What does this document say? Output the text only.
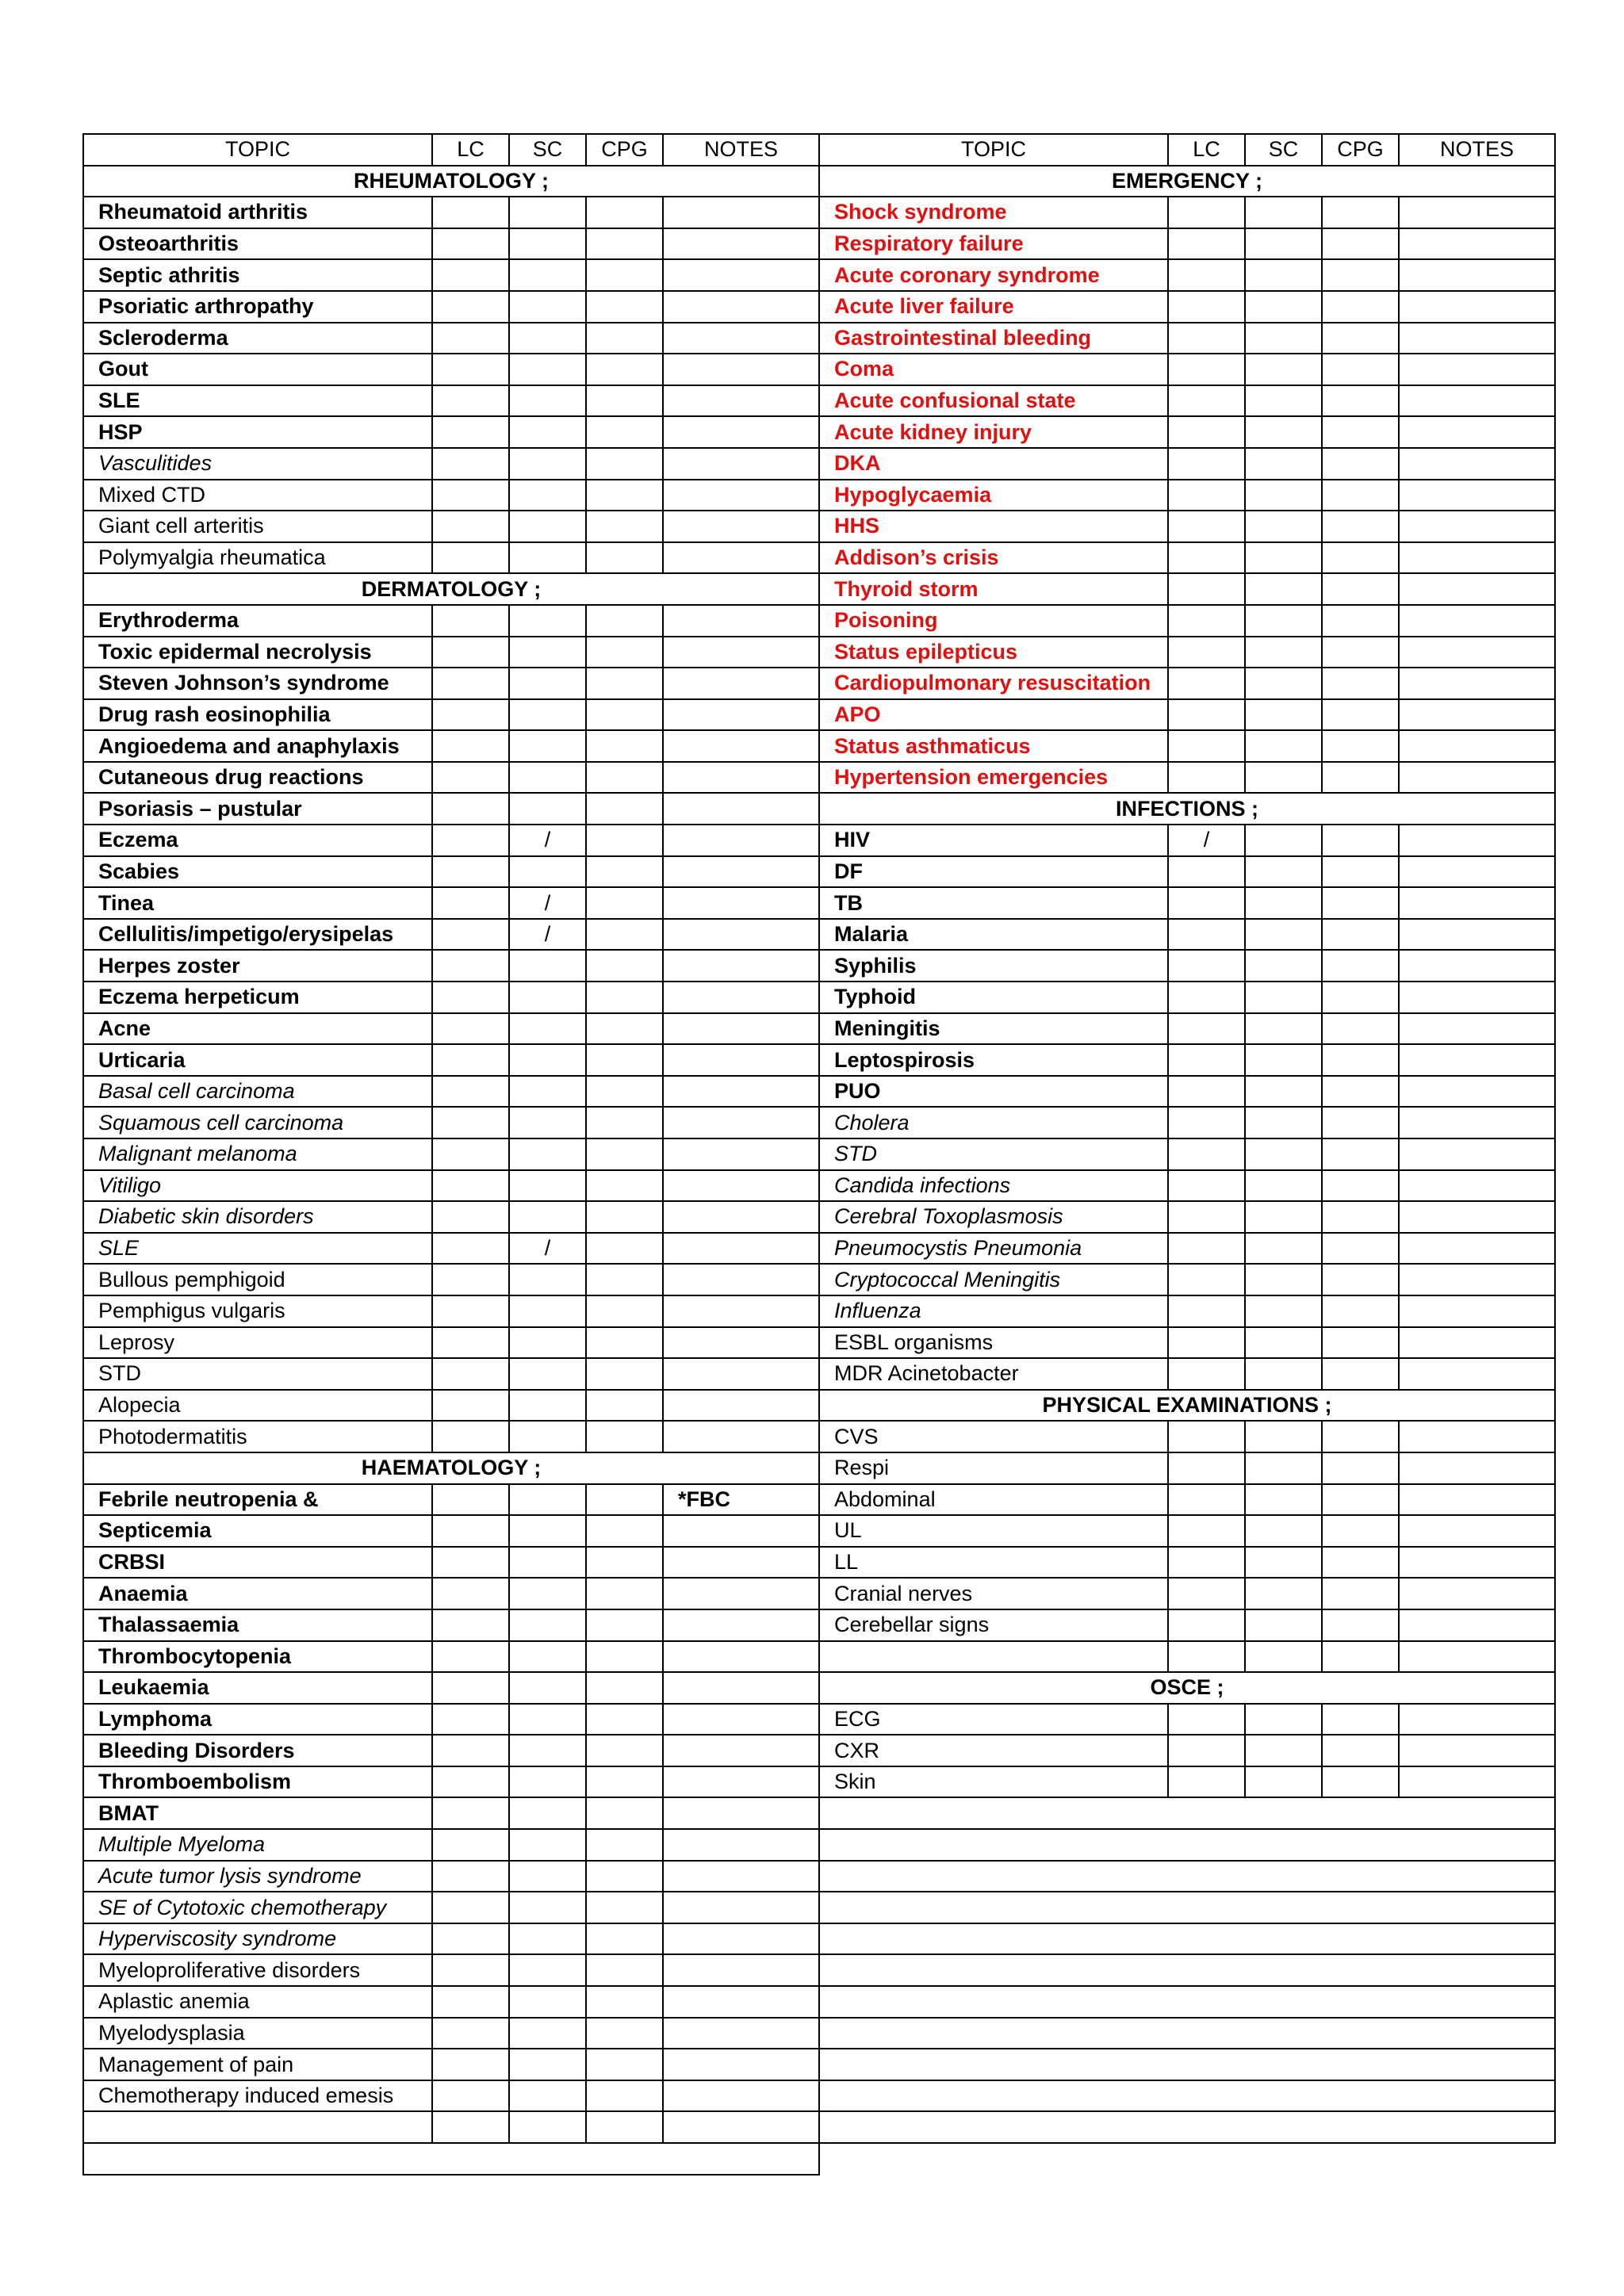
TOPIC	LC	SC	CPG	NOTES	TOPIC	LC	SC	CPG	NOTES
RHEUMATOLOGY ;					EMERGENCY ;				
Rheumatoid arthritis					Shock syndrome				
Osteoarthritis					Respiratory failure				
Septic athritis					Acute coronary syndrome				
Psoriatic arthropathy					Acute liver failure				
Scleroderma					Gastrointestinal bleeding				
Gout					Coma				
SLE					Acute confusional state				
HSP					Acute kidney injury				
Vasculitides					DKA				
Mixed CTD					Hypoglycaemia				
Giant cell arteritis					HHS				
Polymyalgia rheumatica					Addison’s crisis				
DERMATOLOGY ;					Thyroid storm				
Erythroderma					Poisoning				
Toxic epidermal necrolysis					Status epilepticus				
Steven Johnson’s syndrome					Cardiopulmonary resuscitation				
Drug rash eosinophilia					APO				
Angioedema and anaphylaxis					Status asthmaticus				
Cutaneous drug reactions					Hypertension emergencies				
Psoriasis – pustular					INFECTIONS ;				
Eczema		/			HIV	/			
Scabies					DF				
Tinea		/			TB				
Cellulitis/impetigo/erysipelas		/			Malaria				
Herpes zoster					Syphilis				
Eczema herpeticum					Typhoid				
Acne					Meningitis				
Urticaria					Leptospirosis				
Basal cell carcinoma					PUO				
Squamous cell carcinoma					Cholera				
Malignant melanoma					STD				
Vitiligo					Candida infections				
Diabetic skin disorders					Cerebral Toxoplasmosis				
SLE		/			Pneumocystis Pneumonia				
Bullous pemphigoid					Cryptococcal Meningitis				
Pemphigus vulgaris					Influenza				
Leprosy					ESBL organisms				
STD					MDR Acinetobacter				
Alopecia					PHYSICAL EXAMINATIONS ;				
Photodermatitis					CVS				
HAEMATOLOGY ;					Respi				
Febrile neutropenia &				*FBC	Abdominal				
Septicemia					UL				
CRBSI					LL				
Anaemia					Cranial nerves				
Thalassaemia					Cerebellar signs				
Thrombocytopenia									
Leukaemia					OSCE ;				
Lymphoma					ECG				
Bleeding Disorders					CXR				
Thromboembolism					Skin				
BMAT									
Multiple Myeloma									
Acute tumor lysis syndrome									
SE of Cytotoxic chemotherapy									
Hyperviscosity syndrome									
Myeloproliferative disorders									
Aplastic anemia									
Myelodysplasia									
Management of pain									
Chemotherapy induced emesis									
